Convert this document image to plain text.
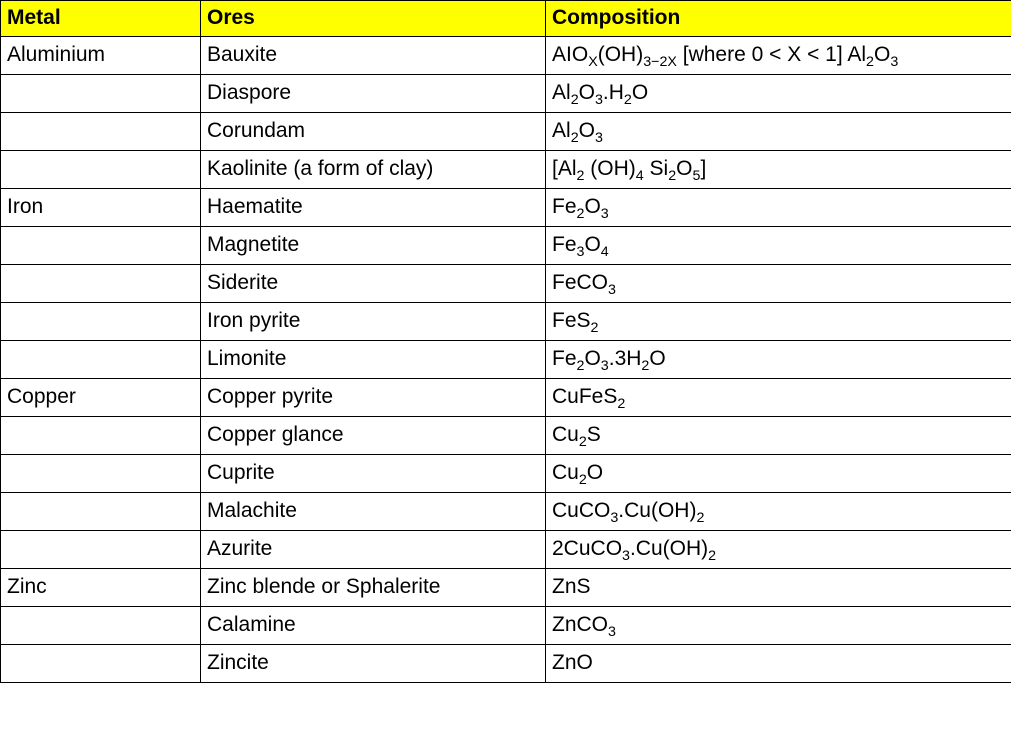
Metal	Ores	Composition
Aluminium	Bauxite	$AIO_X(OH)_{3-2X}$ [where 0 < X < 1] $Al_2O_3$
	Diaspore	$Al_2O_3.H_2O$
	Corundam	$Al_2O_3$
	Kaolinite (a form of clay)	[$Al_2$ $(OH)_4$ $Si_2O_5$]
Iron	Haematite	$Fe_2O_3$
	Magnetite	$Fe_3O_4$
	Siderite	FeCO$_3$
	Iron pyrite	FeS$_2$
	Limonite	$Fe_2O_3.3H_2O$
Copper	Copper pyrite	CuFeS$_2$
	Copper glance	$Cu_2S$
	Cuprite	$Cu_2O$
	Malachite	$CuCO_3.Cu(OH)_2$
	Azurite	$2CuCO_3.Cu(OH)_2$
Zinc	Zinc blende or Sphalerite	ZnS
	Calamine	ZnCO$_3$
	Zincite	ZnO
